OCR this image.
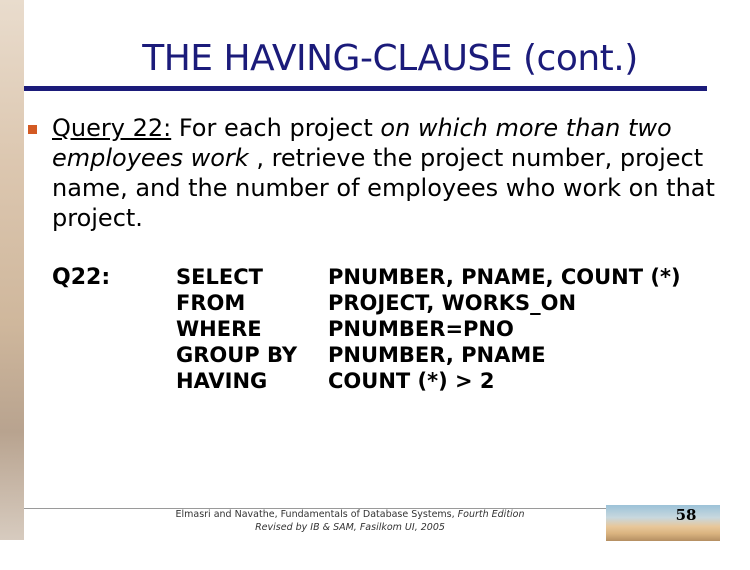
THE HAVING-CLAUSE (cont.)
Query 22: For each project on which more than two employees work , retrieve the project number, project name, and the number of employees who work on that project.
Q22:	SELECT
FROM
WHERE
GROUP BY
HAVING
PNUMBER, PNAME, COUNT (*)
PROJECT, WORKS_ON
PNUMBER=PNO
PNUMBER, PNAME
COUNT (*) > 2
Elmasri and Navathe, Fundamentals of Database Systems, Fourth Edition
Revised by IB & SAM, Fasilkom UI, 2005
58
